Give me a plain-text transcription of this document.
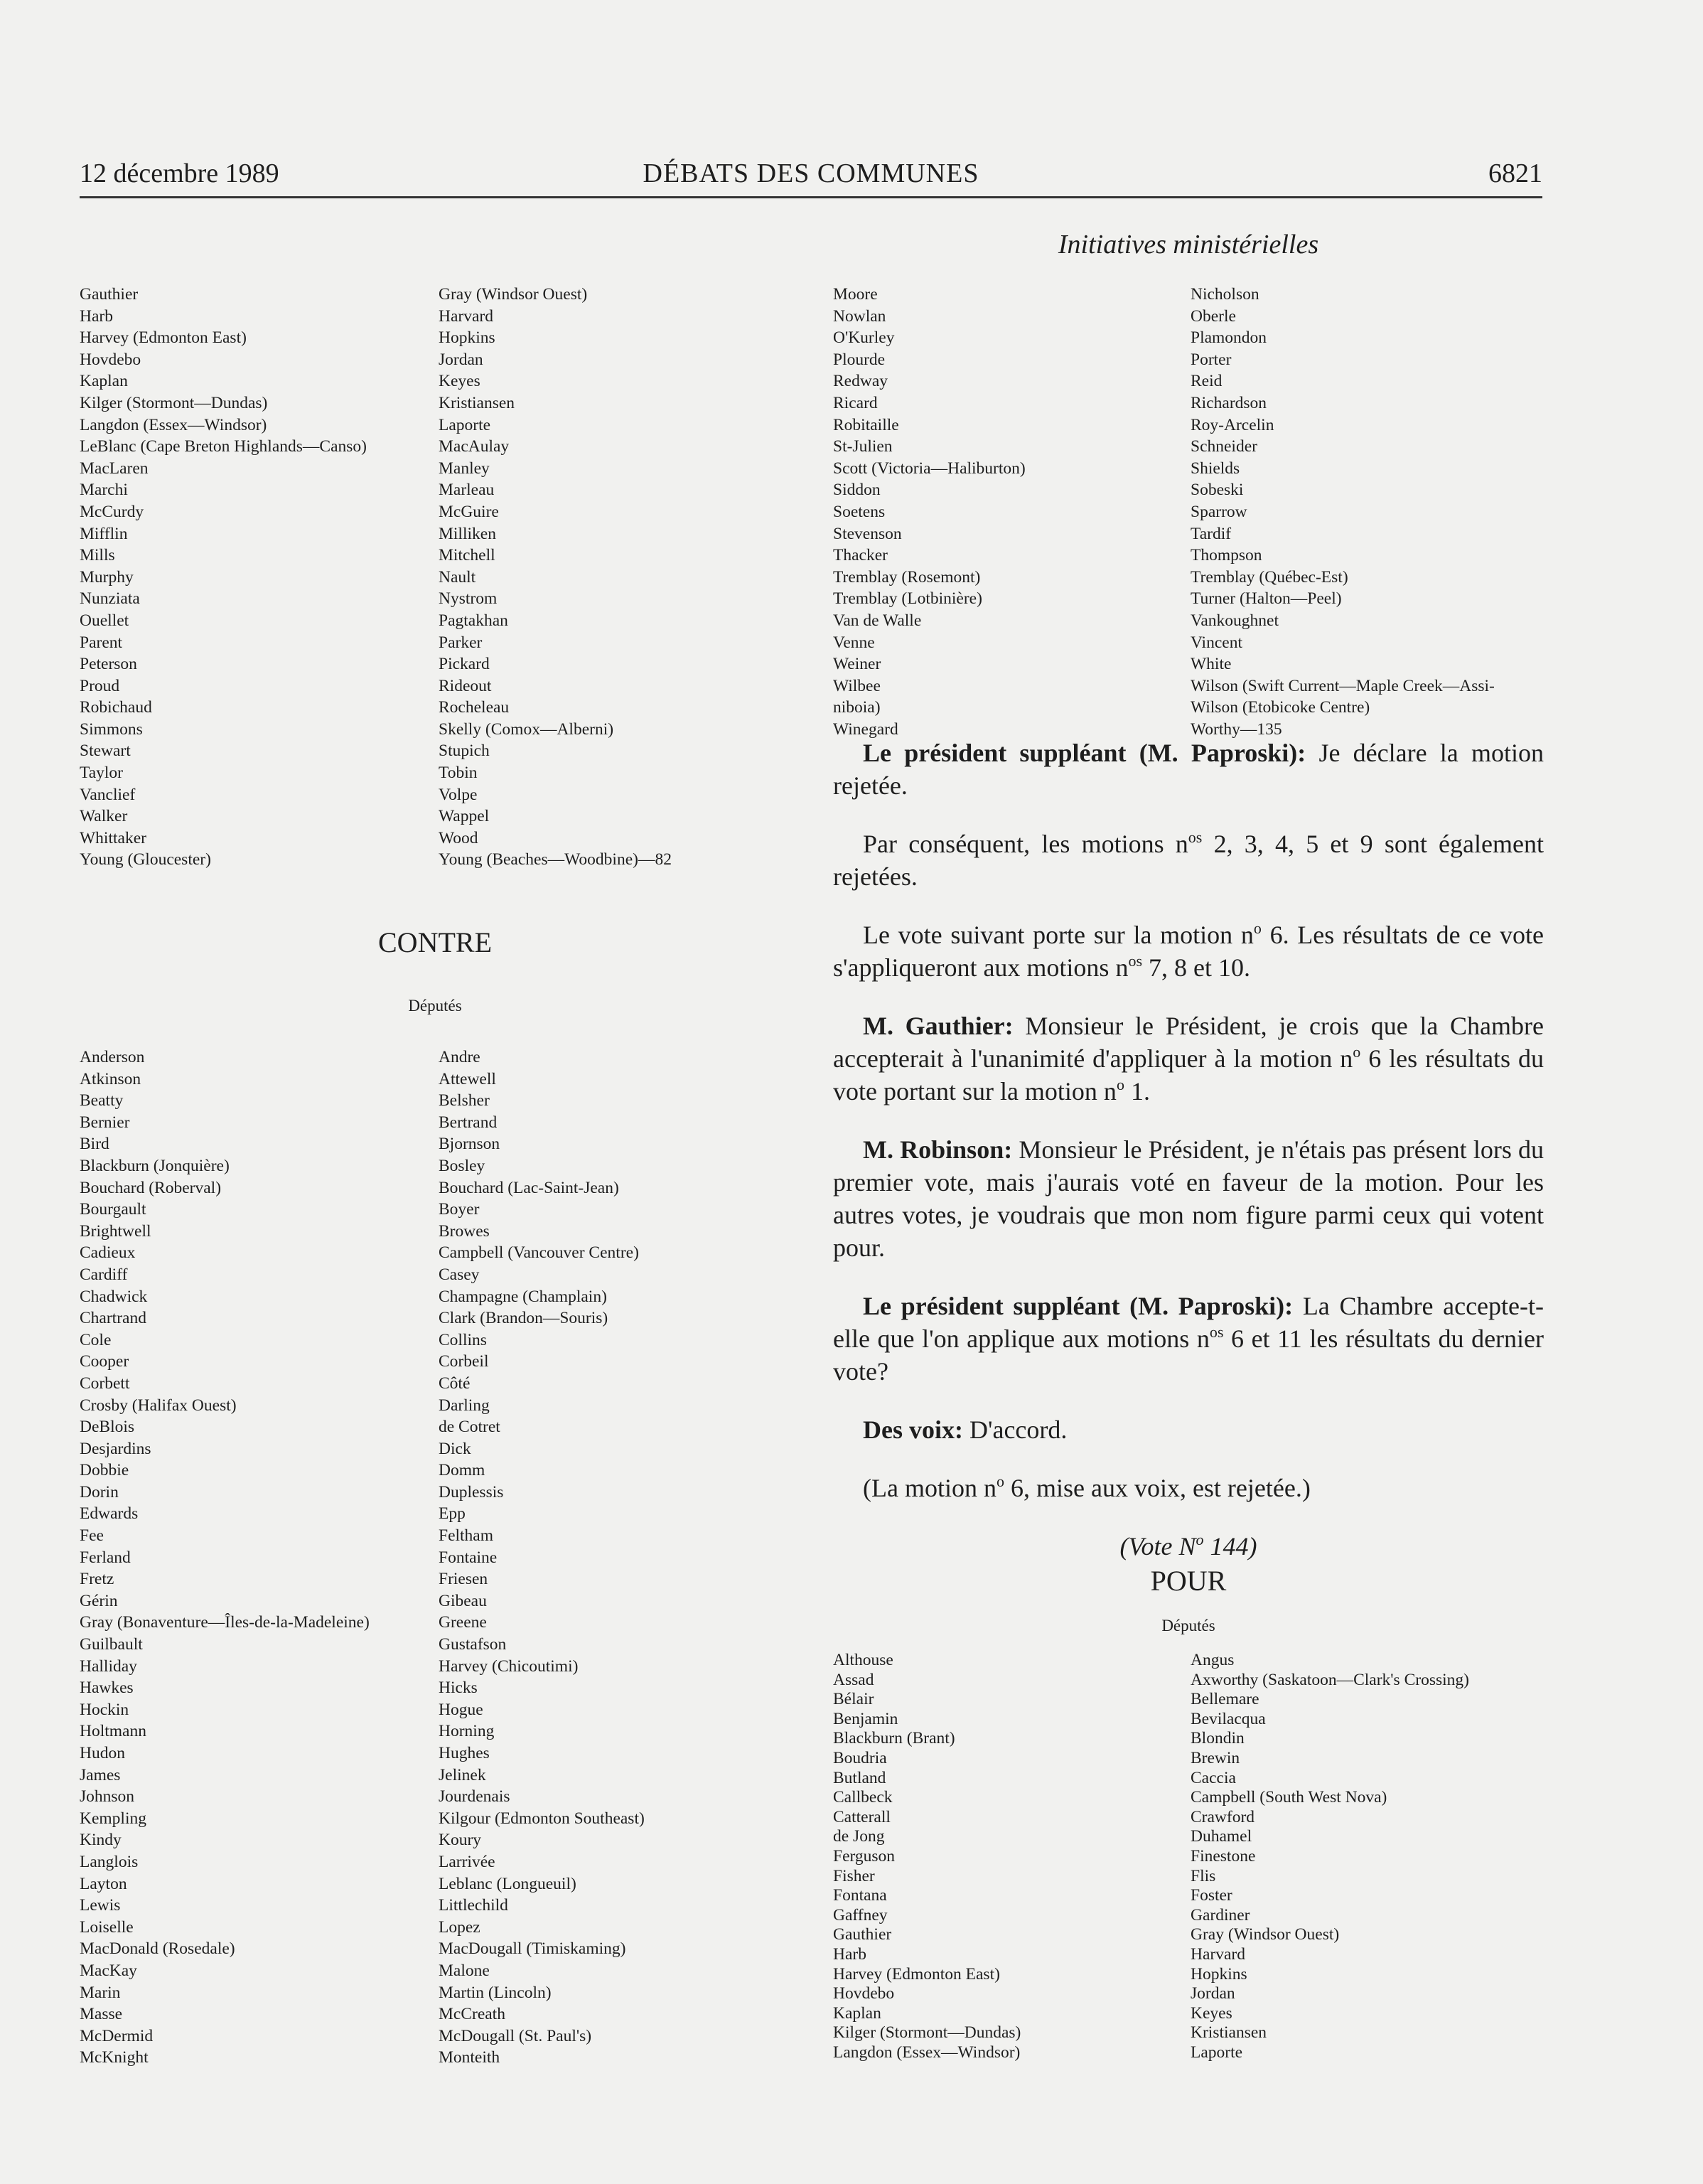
12 décembre 1989	DÉBATS DES COMMUNES	6821
Initiatives ministérielles
Gauthier
Harb
Harvey (Edmonton East)
Hovdebo
Kaplan
Kilger (Stormont—Dundas)
Langdon (Essex—Windsor)
LeBlanc (Cape Breton Highlands—Canso)
MacLaren
Marchi
McCurdy
Mifflin
Mills
Murphy
Nunziata
Ouellet
Parent
Peterson
Proud
Robichaud
Simmons
Stewart
Taylor
Vanclief
Walker
Whittaker
Young (Gloucester)
Gray (Windsor Ouest)
Harvard
Hopkins
Jordan
Keyes
Kristiansen
Laporte
MacAulay
Manley
Marleau
McGuire
Milliken
Mitchell
Nault
Nystrom
Pagtakhan
Parker
Pickard
Rideout
Rocheleau
Skelly (Comox—Alberni)
Stupich
Tobin
Volpe
Wappel
Wood
Young (Beaches—Woodbine)—82
Moore
Nowlan
O'Kurley
Plourde
Redway
Ricard
Robitaille
St-Julien
Scott (Victoria—Haliburton)
Siddon
Soetens
Stevenson
Thacker
Tremblay (Rosemont)
Tremblay (Lotbinière)
Van de Walle
Venne
Weiner
Wilbee
niboia)
Winegard
Nicholson
Oberle
Plamondon
Porter
Reid
Richardson
Roy-Arcelin
Schneider
Shields
Sobeski
Sparrow
Tardif
Thompson
Tremblay (Québec-Est)
Turner (Halton—Peel)
Vankoughnet
Vincent
White
Wilson (Swift Current—Maple Creek—Assi-
Wilson (Etobicoke Centre)
Worthy—135
CONTRE
Députés
Anderson
Atkinson
Beatty
Bernier
Bird
Blackburn (Jonquière)
Bouchard (Roberval)
Bourgault
Brightwell
Cadieux
Cardiff
Chadwick
Chartrand
Cole
Cooper
Corbett
Crosby (Halifax Ouest)
DeBlois
Desjardins
Dobbie
Dorin
Edwards
Fee
Ferland
Fretz
Gérin
Gray (Bonaventure—Îles-de-la-Madeleine)
Guilbault
Halliday
Hawkes
Hockin
Holtmann
Hudon
James
Johnson
Kempling
Kindy
Langlois
Layton
Lewis
Loiselle
MacDonald (Rosedale)
MacKay
Marin
Masse
McDermid
McKnight
Andre
Attewell
Belsher
Bertrand
Bjornson
Bosley
Bouchard (Lac-Saint-Jean)
Boyer
Browes
Campbell (Vancouver Centre)
Casey
Champagne (Champlain)
Clark (Brandon—Souris)
Collins
Corbeil
Côté
Darling
de Cotret
Dick
Domm
Duplessis
Epp
Feltham
Fontaine
Friesen
Gibeau
Greene
Gustafson
Harvey (Chicoutimi)
Hicks
Hogue
Horning
Hughes
Jelinek
Jourdenais
Kilgour (Edmonton Southeast)
Koury
Larrivée
Leblanc (Longueuil)
Littlechild
Lopez
MacDougall (Timiskaming)
Malone
Martin (Lincoln)
McCreath
McDougall (St. Paul's)
Monteith

Le président suppléant (M. Paproski): Je déclare la motion rejetée.

Par conséquent, les motions $n^{os}$ 2, 3, 4, 5 et 9 sont également rejetées.

Le vote suivant porte sur la motion $n^o$ 6. Les résultats de ce vote s'appliqueront aux motions $n^{os}$ 7, 8 et 10.

M. Gauthier: Monsieur le Président, je crois que la Chambre accepterait à l'unanimité d'appliquer à la motion $n^o$ 6 les résultats du vote portant sur la motion $n^o$ 1.

M. Robinson: Monsieur le Président, je n'étais pas présent lors du premier vote, mais j'aurais voté en faveur de la motion. Pour les autres votes, je voudrais que mon nom figure parmi ceux qui votent pour.

Le président suppléant (M. Paproski): La Chambre accepte-t-elle que l'on applique aux motions $n^{os}$ 6 et 11 les résultats du dernier vote?

Des voix: D'accord.

(La motion $n^o$ 6, mise aux voix, est rejetée.)

(Vote $N^o$ 144)
POUR
Députés
Althouse
Assad
Bélair
Benjamin
Blackburn (Brant)
Boudria
Butland
Callbeck
Catterall
de Jong
Ferguson
Fisher
Fontana
Gaffney
Gauthier
Harb
Harvey (Edmonton East)
Hovdebo
Kaplan
Kilger (Stormont—Dundas)
Langdon (Essex—Windsor)
Angus
Axworthy (Saskatoon—Clark's Crossing)
Bellemare
Bevilacqua
Blondin
Brewin
Caccia
Campbell (South West Nova)
Crawford
Duhamel
Finestone
Flis
Foster
Gardiner
Gray (Windsor Ouest)
Harvard
Hopkins
Jordan
Keyes
Kristiansen
Laporte
